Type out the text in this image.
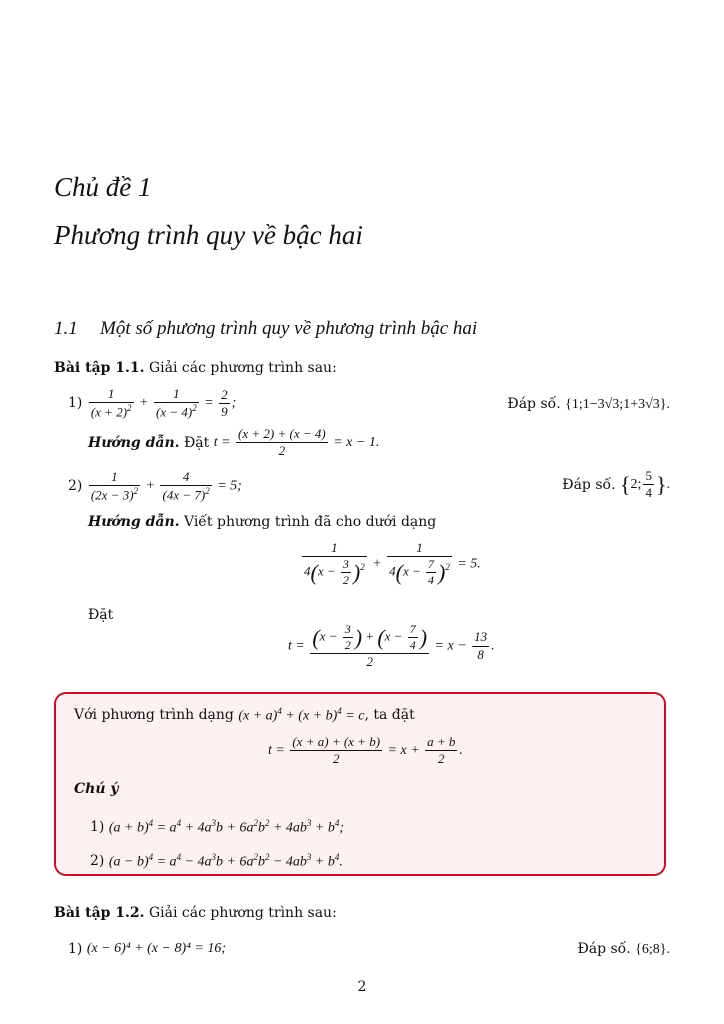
Chủ đề 1
Phương trình quy về bậc hai
1.1 Một số phương trình quy về phương trình bậc hai
Bài tập 1.1. Giải các phương trình sau:
1)
$\frac{1}{(x + 2)^2} + \frac{1}{(x - 4)^2} = \frac{2}{9}$ ;	Đáp số. {1;1−3√3;1+3√3}.
Hướng dẫn.
Đặt
$t = \frac{(x + 2) + (x - 4)}{2} = x - 1$.
2)
$\frac{1}{(2x - 3)^2} + \frac{4}{(4x - 7)^2} = 5$;	Đáp số.
{2; $\frac{5}{4}$ }.
Hướng dẫn.
Viết phương trình đã cho dưới dạng
$\frac{1}{4(x - \frac{3}{2} )^2} + \frac{1}{4(x - \frac{7}{4} )^2} = 5$.
Đặt
$t = \frac{(x - \frac{3}{2} ) + (x - \frac{7}{4} )}{2} = x - \frac{13}{8}$ .
Với phương trình dạng
$(x + a)^4 + (x + b)^4 = c$ , ta đặt
$t = \frac{(x + a) + (x + b)}{2} = x + \frac{a + b}{2}$ .
Chú ý
1)
$(a + b)^4 = a^4 + 4a^3b + 6a^2b^2 + 4ab^3 + b^4$;
2)
$(a - b)^4 = a^4 - 4a^3b + 6a^2b^2 - 4ab^3 + b^4$.
Bài tập 1.2. Giải các phương trình sau:
1)
(x − 6)⁴ + (x − 8)⁴ = 16;	Đáp số. {6;8}.
2
